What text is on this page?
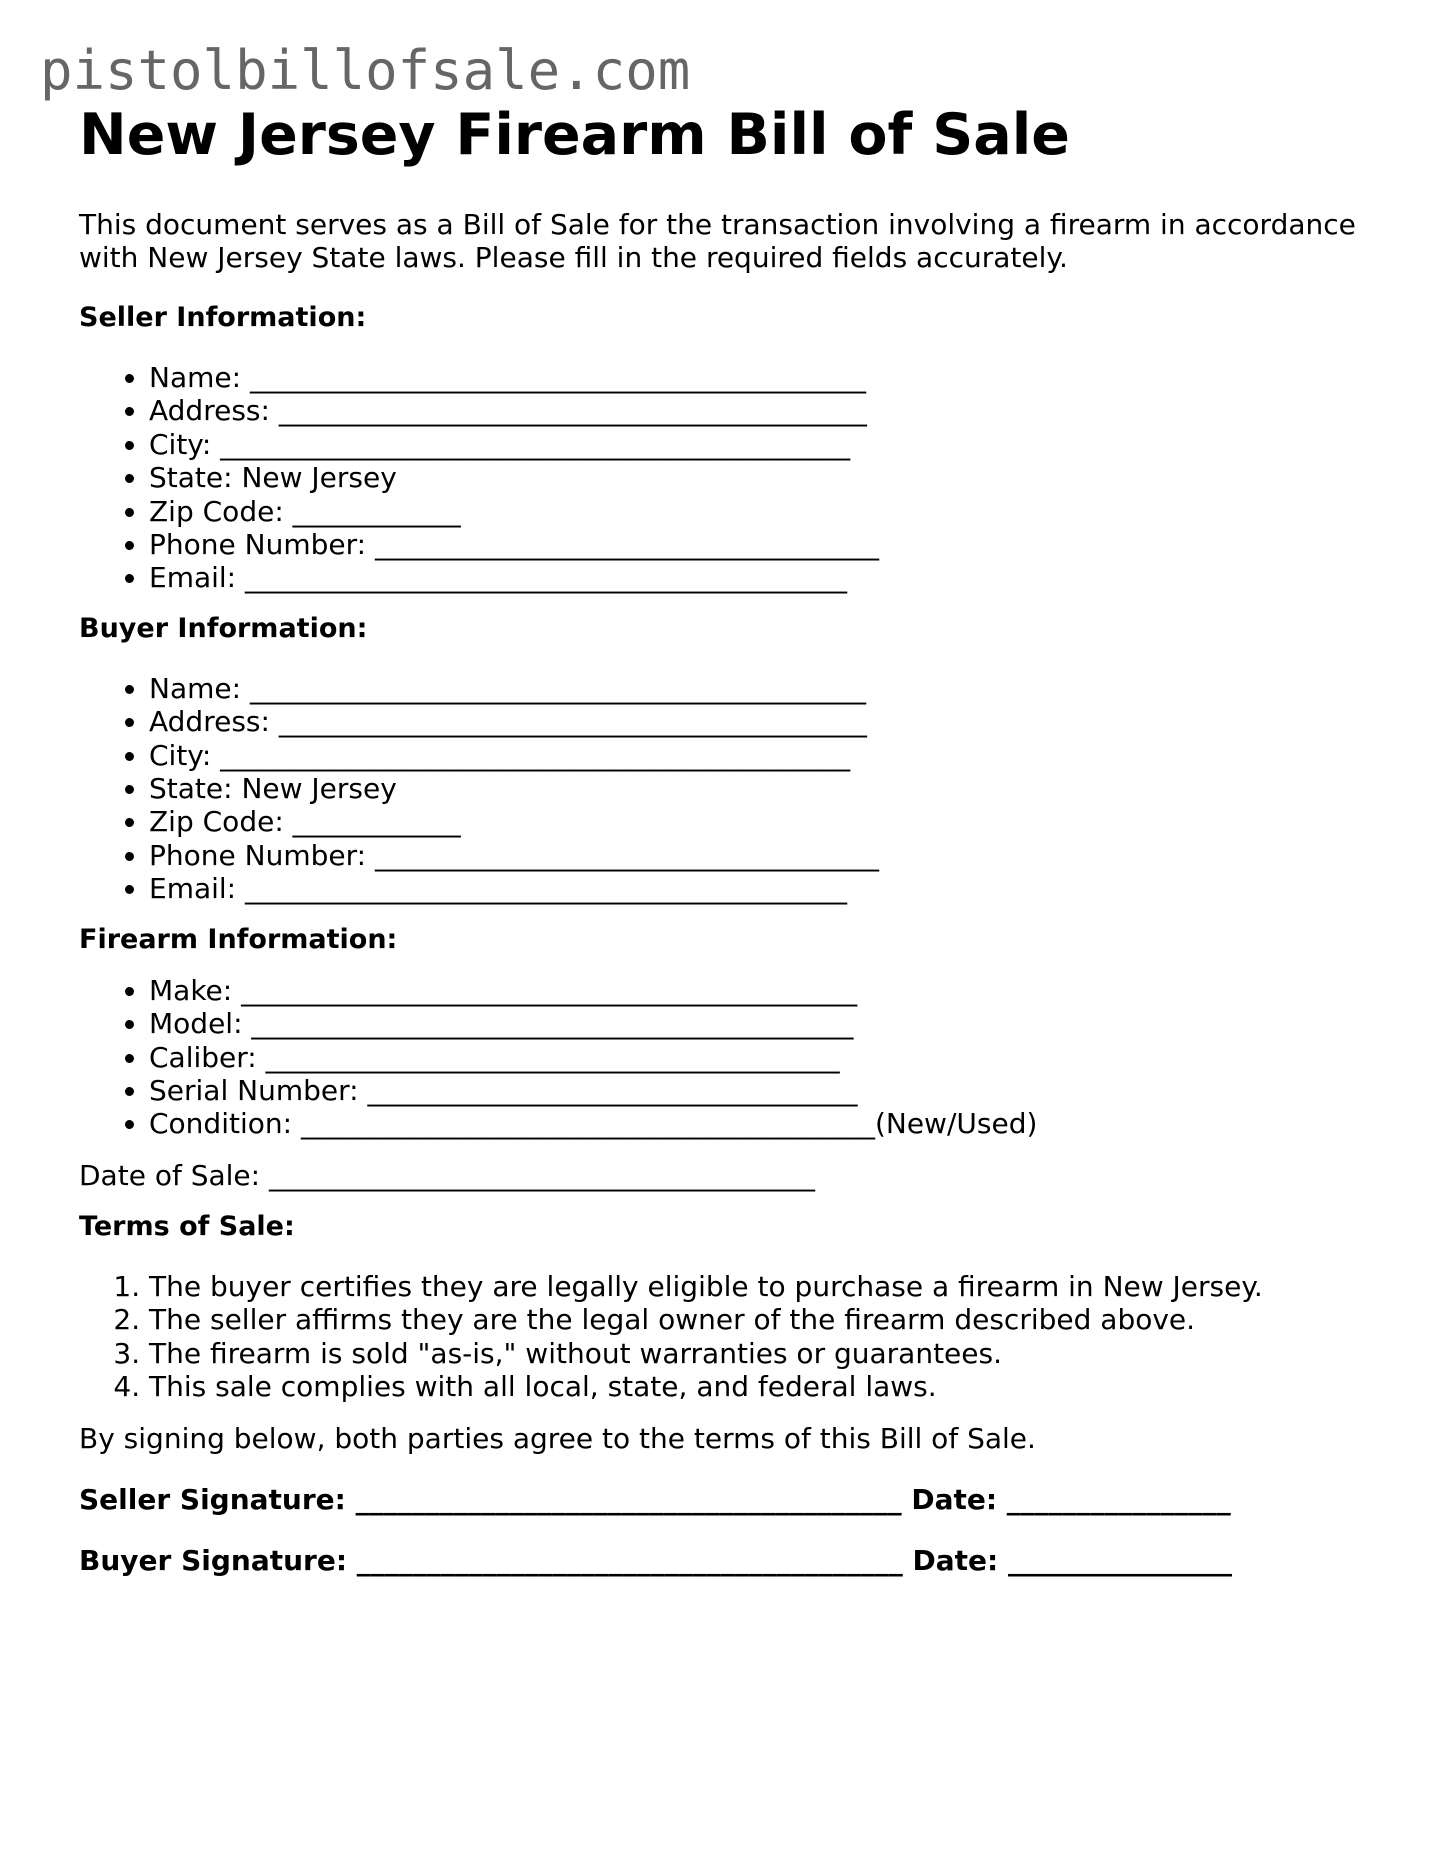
pistolbillofsale.com
New Jersey Firearm Bill of Sale

This document serves as a Bill of Sale for the transaction involving a firearm in accordance with New Jersey State laws. Please fill in the required fields accurately.

Seller Information:

• Name: ____________________________________________
• Address: __________________________________________
• City: _____________________________________________
• State: New Jersey
• Zip Code: ____________
• Phone Number: ____________________________________
• Email: ___________________________________________

Buyer Information:

• Name: ____________________________________________
• Address: __________________________________________
• City: _____________________________________________
• State: New Jersey
• Zip Code: ____________
• Phone Number: ____________________________________
• Email: ___________________________________________

Firearm Information:

• Make: ____________________________________________
• Model: ___________________________________________
• Caliber: _________________________________________
• Serial Number: ___________________________________
• Condition: _________________________________________(New/Used)

Date of Sale: _______________________________________

Terms of Sale:

1. The buyer certifies they are legally eligible to purchase a firearm in New Jersey.
2. The seller affirms they are the legal owner of the firearm described above.
3. The firearm is sold "as-is," without warranties or guarantees.
4. This sale complies with all local, state, and federal laws.

By signing below, both parties agree to the terms of this Bill of Sale.

Seller Signature: _______________________________________ Date: ________________

Buyer Signature: _______________________________________ Date: ________________
